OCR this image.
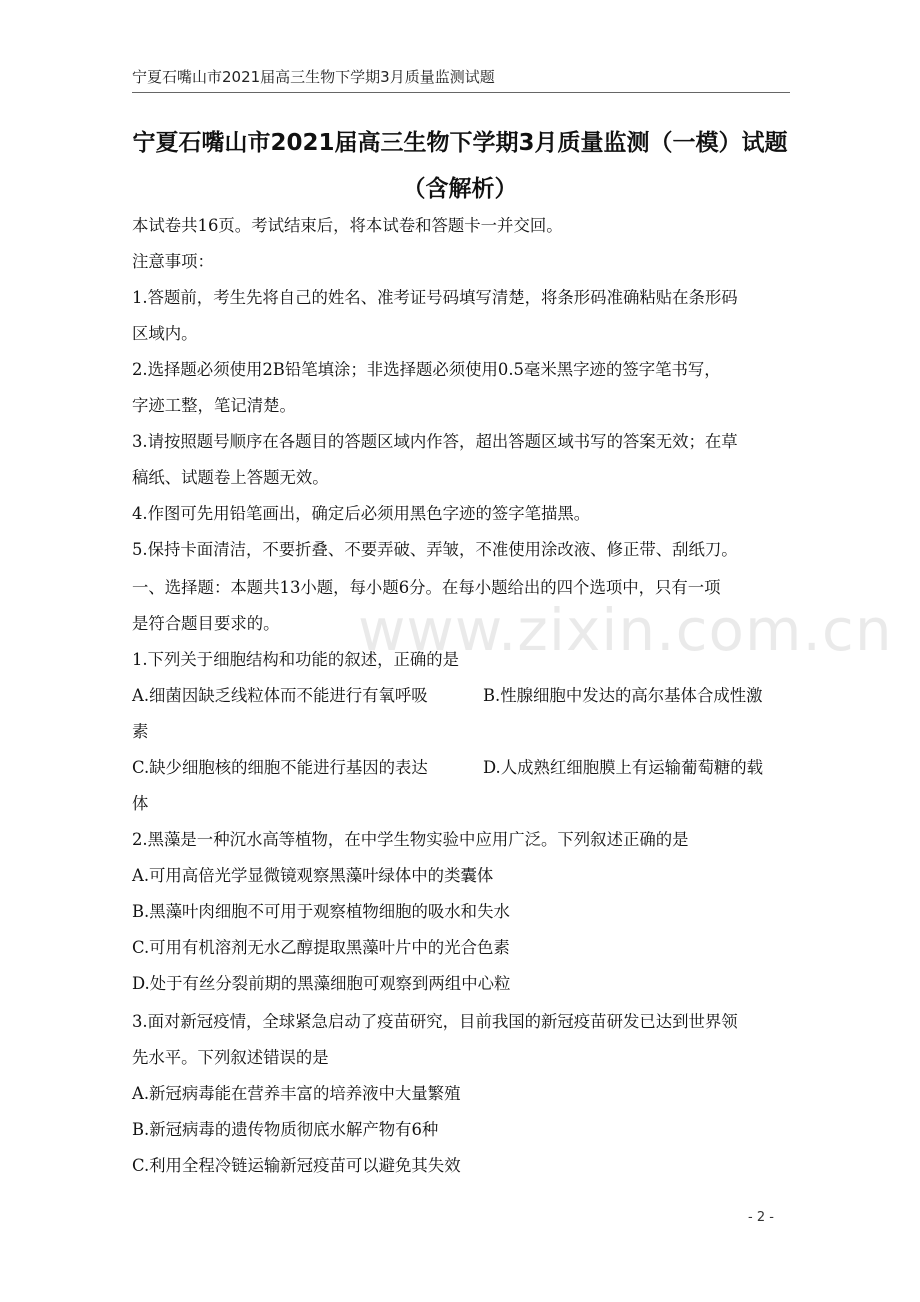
宁夏石嘴山市2021届高三生物下学期3月质量监测试题
宁夏石嘴山市2021届高三生物下学期3月质量监测（一模）试题
（含解析）
本试卷共16页。考试结束后，将本试卷和答题卡一并交回。
注意事项：
1.答题前，考生先将自己的姓名、准考证号码填写清楚，将条形码准确粘贴在条形码
区域内。
2.选择题必须使用2B铅笔填涂；非选择题必须使用0.5毫米黑字迹的签字笔书写，
字迹工整，笔记清楚。
3.请按照题号顺序在各题目的答题区域内作答，超出答题区域书写的答案无效；在草
稿纸、试题卷上答题无效。
4.作图可先用铅笔画出，确定后必须用黑色字迹的签字笔描黑。
5.保持卡面清洁，不要折叠、不要弄破、弄皱，不准使用涂改液、修正带、刮纸刀。
一、选择题：本题共13小题，每小题6分。在每小题给出的四个选项中，只有一项
是符合题目要求的。
1.下列关于细胞结构和功能的叙述，正确的是
A.细菌因缺乏线粒体而不能进行有氧呼吸	B.性腺细胞中发达的高尔基体合成性激
素
C.缺少细胞核的细胞不能进行基因的表达	D.人成熟红细胞膜上有运输葡萄糖的载
体
2.黑藻是一种沉水高等植物，在中学生物实验中应用广泛。下列叙述正确的是
A.可用高倍光学显微镜观察黑藻叶绿体中的类囊体
B.黑藻叶肉细胞不可用于观察植物细胞的吸水和失水
C.可用有机溶剂无水乙醇提取黑藻叶片中的光合色素
D.处于有丝分裂前期的黑藻细胞可观察到两组中心粒
3.面对新冠疫情，全球紧急启动了疫苗研究，目前我国的新冠疫苗研发已达到世界领
先水平。下列叙述错误的是
A.新冠病毒能在营养丰富的培养液中大量繁殖
B.新冠病毒的遗传物质彻底水解产物有6种
C.利用全程冷链运输新冠疫苗可以避免其失效
www.zixin.com.cn
- 2 -
